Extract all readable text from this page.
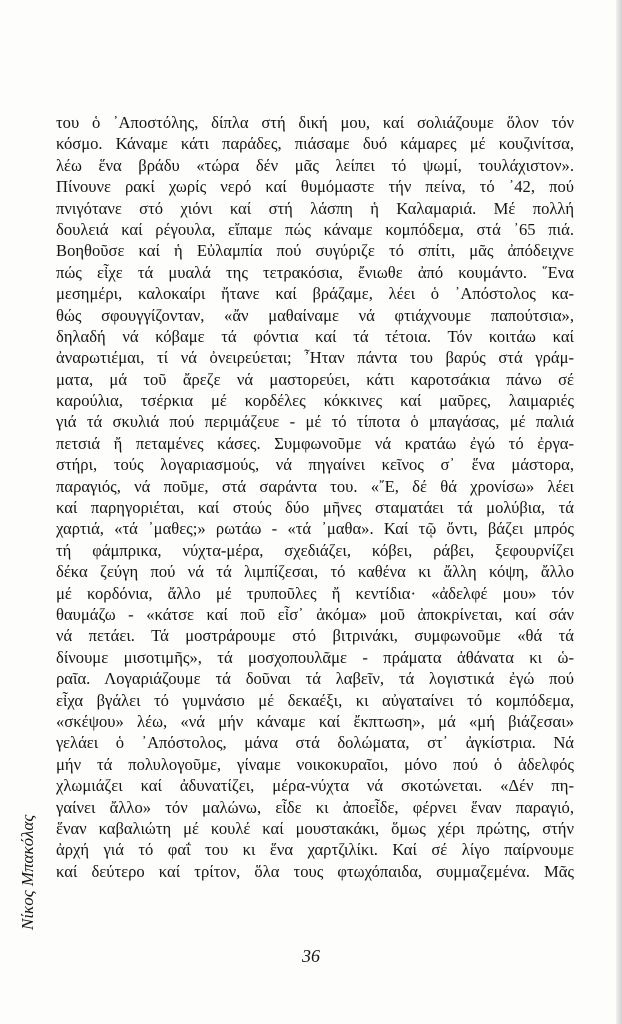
του ὁ ᾽Αποστόλης, δίπλα στή δική μου, καί σολιάζουμε ὅλον τόν
κόσμο. Κάναμε κάτι παράδες, πιάσαμε δυό κάμαρες μέ κουζινίτσα,
λέω ἕνα βράδυ «τώρα δέν μᾶς λείπει τό ψωμί, τουλάχιστον».
Πίνουνε ρακί χωρίς νερό καί θυμόμαστε τήν πείνα, τό ᾽42, πού
πνιγότανε στό χιόνι καί στή λάσπη ἡ Καλαμαριά. Μέ πολλή
δουλειά καί ρέγουλα, εἴπαμε πώς κάναμε κομπόδεμα, στά ᾽65 πιά.
Βοηθοῦσε καί ἡ Εὐλαμπία πού συγύριζε τό σπίτι, μᾶς ἀπόδειχνε
πώς εἶχε τά μυαλά της τετρακόσια, ἔνιωθε ἀπό κουμάντο. ῞Ενα
μεσημέρι, καλοκαίρι ἤτανε καί βράζαμε, λέει ὁ ᾽Απόστολος κα-
θώς σφουγγίζονταν, «ἄν μαθαίναμε νά φτιάχνουμε παπούτσια»,
δηλαδή νά κόβαμε τά φόντια καί τά τέτοια. Τόν κοιτάω καί
ἀναρωτιέμαι, τί νά ὀνειρεύεται; ῏Ηταν πάντα του βαρύς στά γράμ-
ματα, μά τοῦ ἄρεζε νά μαστορεύει, κάτι καροτσάκια πάνω σέ
καρούλια, τσέρκια μέ κορδέλες κόκκινες καί μαῦρες, λαιμαριές
γιά τά σκυλιά πού περιμάζευε - μέ τό τίποτα ὁ μπαγάσας, μέ παλιά
πετσιά ἤ πεταμένες κάσες. Συμφωνοῦμε νά κρατάω ἐγώ τό ἐργα-
στήρι, τούς λογαριασμούς, νά πηγαίνει κεῖνος σ᾽ ἕνα μάστορα,
παραγιός, νά ποῦμε, στά σαράντα του. «῎Ε, δέ θά χρονίσω» λέει
καί παρηγοριέται, καί στούς δύο μῆνες σταματάει τά μολύβια, τά
χαρτιά, «τά ᾽μαθες;» ρωτάω - «τά ᾽μαθα». Καί τῷ ὄντι, βάζει μπρός
τή φάμπρικα, νύχτα-μέρα, σχεδιάζει, κόβει, ράβει, ξεφουρνίζει
δέκα ζεύγη πού νά τά λιμπίζεσαι, τό καθένα κι ἄλλη κόψη, ἄλλο
μέ κορδόνια, ἄλλο μέ τρυποῦλες ἤ κεντίδια· «ἀδελφέ μου» τόν
θαυμάζω - «κάτσε καί ποῦ εἶσ᾽ ἀκόμα» μοῦ ἀποκρίνεται, καί σάν
νά πετάει. Τά μοστράρουμε στό βιτρινάκι, συμφωνοῦμε «θά τά
δίνουμε μισοτιμῆς», τά μοσχοπουλᾶμε - πράματα ἀθάνατα κι ὡ-
ραῖα. Λογαριάζουμε τά δοῦναι τά λαβεῖν, τά λογιστικά ἐγώ πού
εἶχα βγάλει τό γυμνάσιο μέ δεκαέξι, κι αὐγαταίνει τό κομπόδεμα,
«σκέψου» λέω, «νά μήν κάναμε καί ἔκπτωση», μά «μή βιάζεσαι»
γελάει ὁ ᾽Απόστολος, μάνα στά δολώματα, στ᾽ ἀγκίστρια. Νά
μήν τά πολυλογοῦμε, γίναμε νοικοκυραῖοι, μόνο πού ὁ ἀδελφός
χλωμιάζει καί ἀδυνατίζει, μέρα-νύχτα νά σκοτώνεται. «Δέν πη-
γαίνει ἄλλο» τόν μαλώνω, εἶδε κι ἀποεἶδε, φέρνει ἕναν παραγιό,
ἕναν καβαλιώτη μέ κουλέ καί μουστακάκι, ὅμως χέρι πρώτης, στήν
ἀρχή γιά τό φαΐ του κι ἕνα χαρτζιλίκι. Καί σέ λίγο παίρνουμε
καί δεύτερο καί τρίτον, ὅλα τους φτωχόπαιδα, συμμαζεμένα. Μᾶς
Νίκος Μπακόλας
36
